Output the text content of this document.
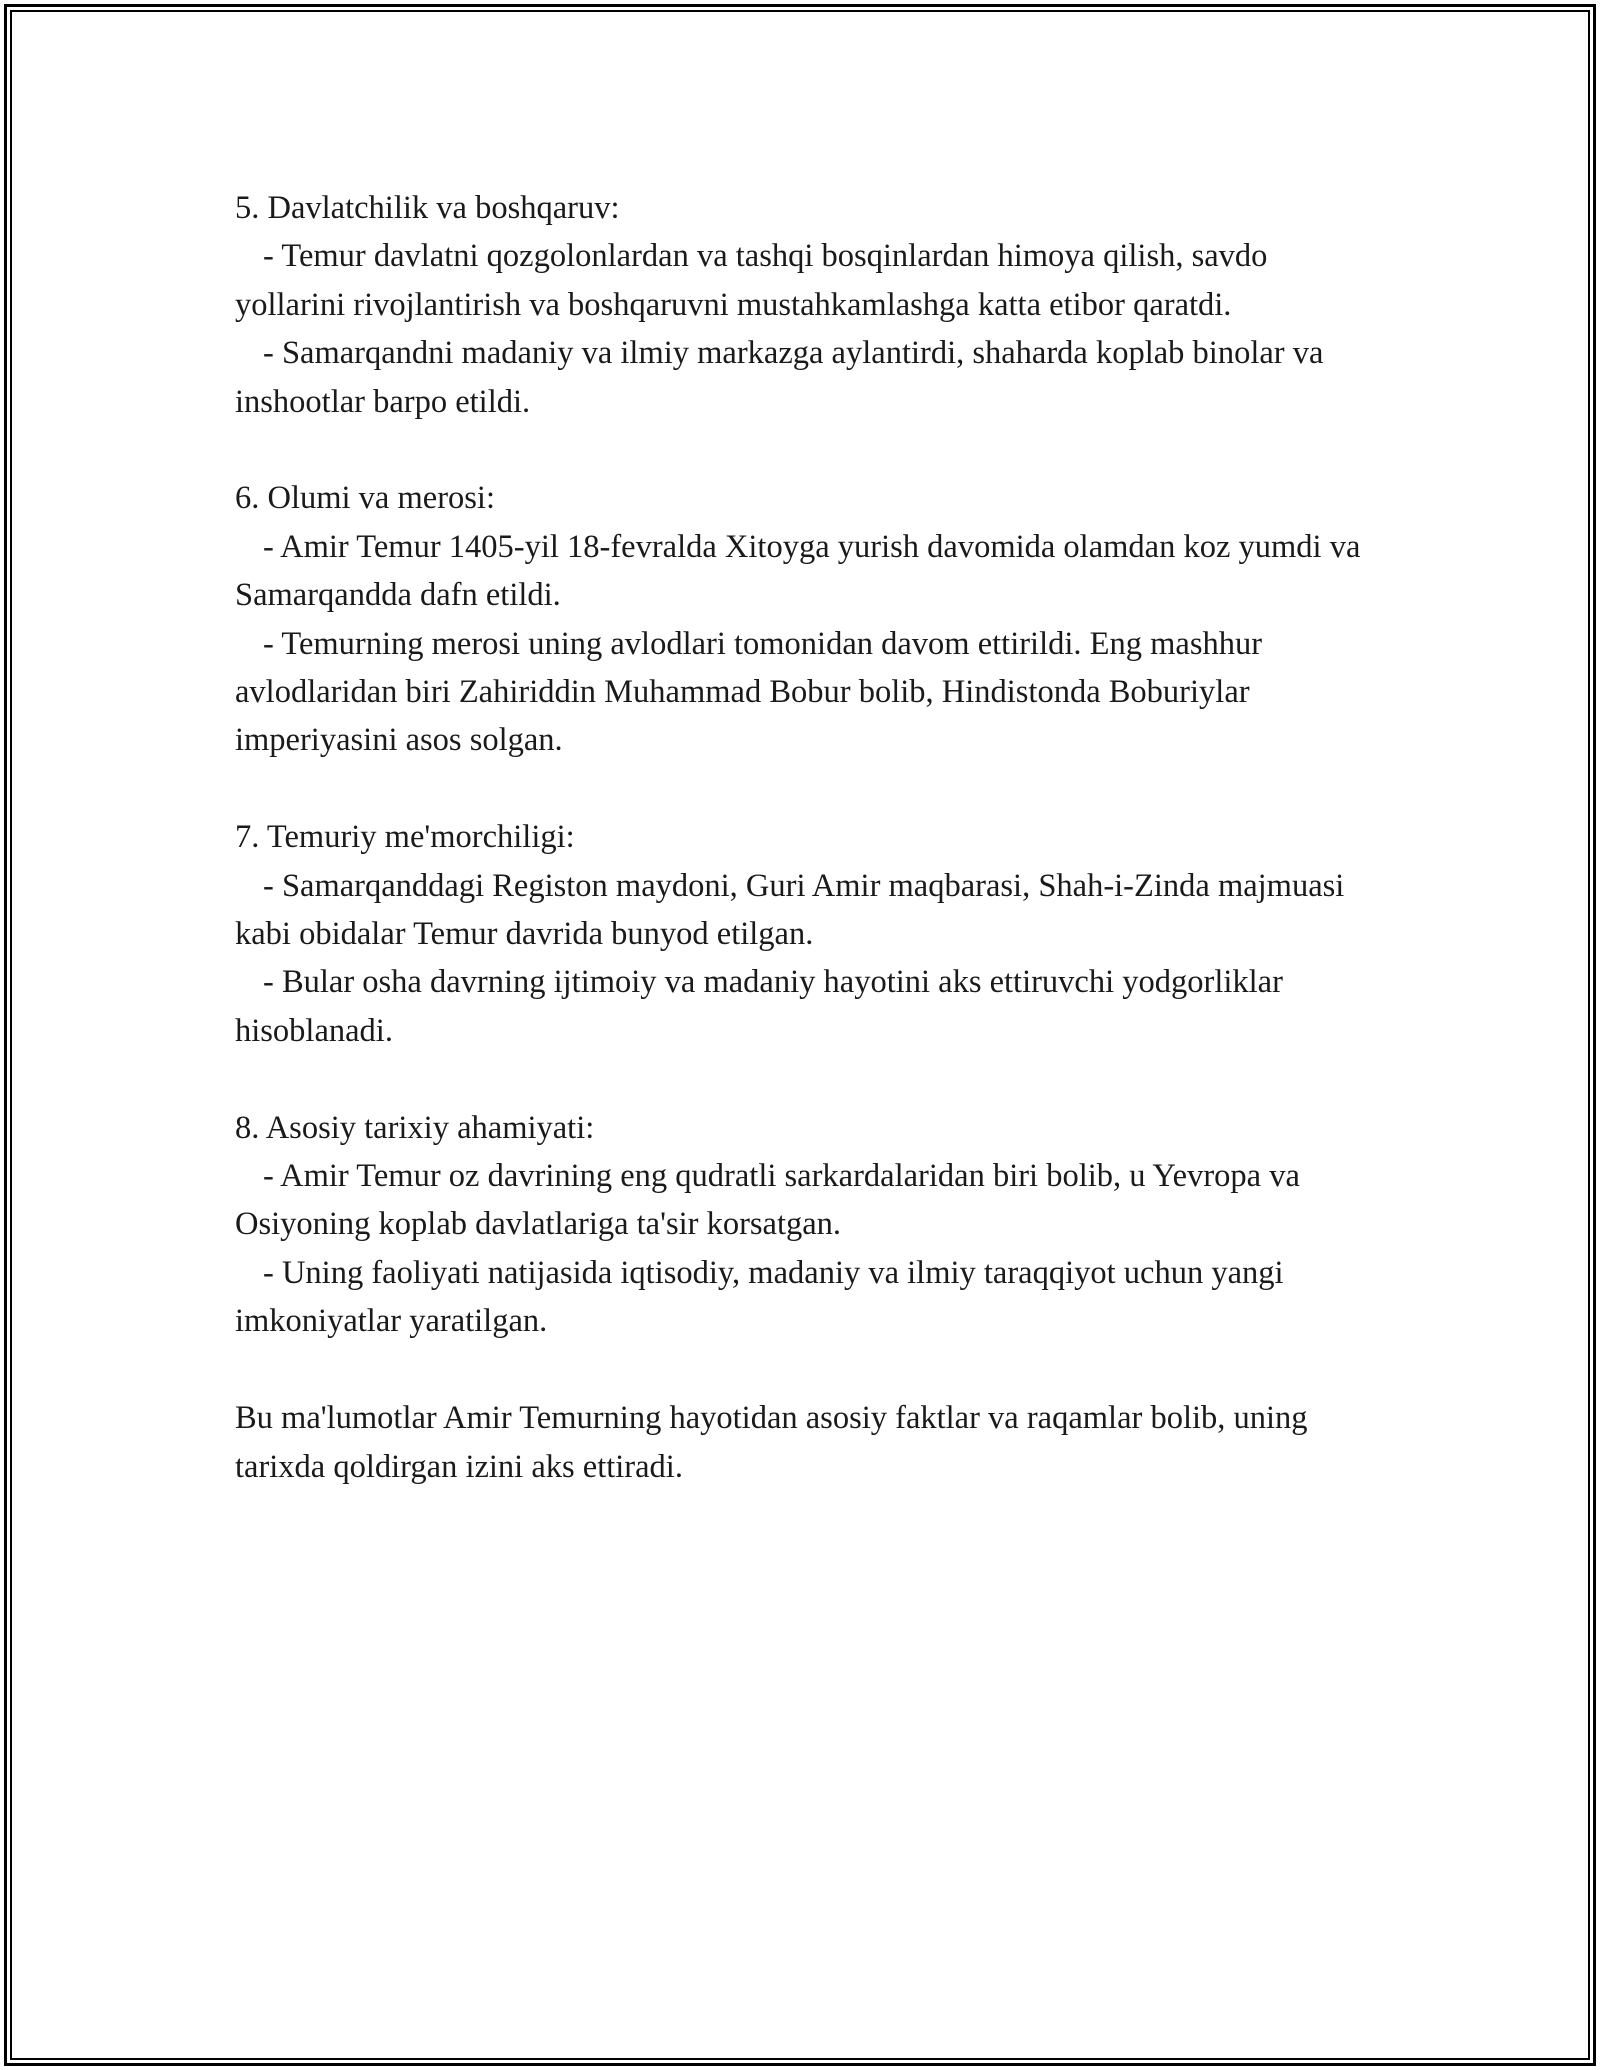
5. Davlatchilik va boshqaruv:

- Temur davlatni qozgolonlardan va tashqi bosqinlardan himoya qilish, savdo yollarini rivojlantirish va boshqaruvni mustahkamlashga katta etibor qaratdi.

- Samarqandni madaniy va ilmiy markazga aylantirdi, shaharda koplab binolar va inshootlar barpo etildi.

6. Olumi va merosi:

- Amir Temur 1405-yil 18-fevralda Xitoyga yurish davomida olamdan koz yumdi va Samarqandda dafn etildi.

- Temurning merosi uning avlodlari tomonidan davom ettirildi. Eng mashhur avlodlaridan biri Zahiriddin Muhammad Bobur bolib, Hindistonda Boburiylar imperiyasini asos solgan.

7. Temuriy me'morchiligi:

- Samarqanddagi Registon maydoni, Guri Amir maqbarasi, Shah-i-Zinda majmuasi kabi obidalar Temur davrida bunyod etilgan.

- Bular osha davrning ijtimoiy va madaniy hayotini aks ettiruvchi yodgorliklar hisoblanadi.

8. Asosiy tarixiy ahamiyati:

- Amir Temur oz davrining eng qudratli sarkardalaridan biri bolib, u Yevropa va Osiyoning koplab davlatlariga ta'sir korsatgan.

- Uning faoliyati natijasida iqtisodiy, madaniy va ilmiy taraqqiyot uchun yangi imkoniyatlar yaratilgan.

Bu ma'lumotlar Amir Temurning hayotidan asosiy faktlar va raqamlar bolib, uning tarixda qoldirgan izini aks ettiradi.
